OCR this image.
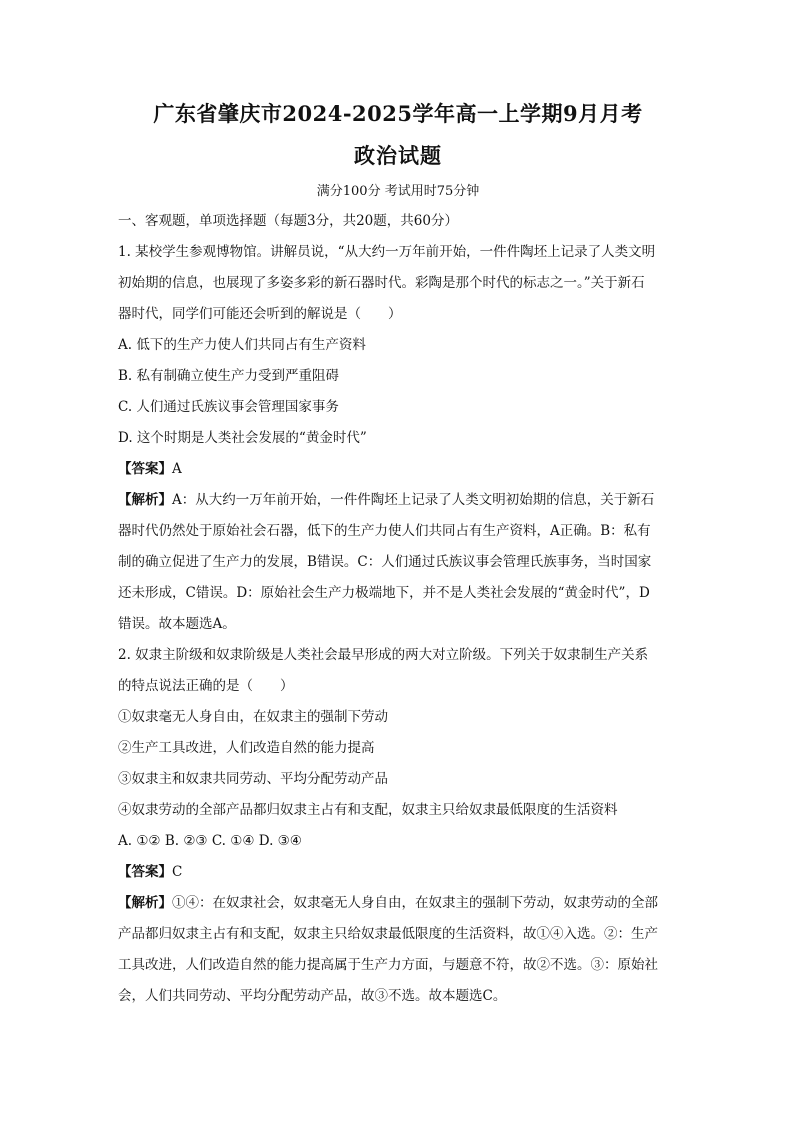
广东省肇庆市2024-2025学年高一上学期9月月考
政治试题

满分100分 考试用时75分钟

一、客观题，单项选择题（每题3分，共20题，共60分）

1. 某校学生参观博物馆。讲解员说，“从大约一万年前开始，一件件陶坯上记录了人类文明

初始期的信息，也展现了多姿多彩的新石器时代。彩陶是那个时代的标志之一。”关于新石

器时代，同学们可能还会听到的解说是（　　）

A. 低下的生产力使人们共同占有生产资料

B. 私有制确立使生产力受到严重阻碍

C. 人们通过氏族议事会管理国家事务

D. 这个时期是人类社会发展的“黄金时代”

【答案】A

【解析】A：从大约一万年前开始，一件件陶坯上记录了人类文明初始期的信息，关于新石

器时代仍然处于原始社会石器，低下的生产力使人们共同占有生产资料，A正确。B：私有

制的确立促进了生产力的发展，B错误。C：人们通过氏族议事会管理氏族事务，当时国家

还未形成，C错误。D：原始社会生产力极端地下，并不是人类社会发展的“黄金时代”，D

错误。故本题选A。

2. 奴隶主阶级和奴隶阶级是人类社会最早形成的两大对立阶级。下列关于奴隶制生产关系

的特点说法正确的是（　　）

①奴隶毫无人身自由，在奴隶主的强制下劳动

②生产工具改进，人们改造自然的能力提高

③奴隶主和奴隶共同劳动、平均分配劳动产品

④奴隶劳动的全部产品都归奴隶主占有和支配，奴隶主只给奴隶最低限度的生活资料

A. ①② B. ②③ C. ①④ D. ③④

【答案】C

【解析】①④：在奴隶社会，奴隶毫无人身自由，在奴隶主的强制下劳动，奴隶劳动的全部

产品都归奴隶主占有和支配，奴隶主只给奴隶最低限度的生活资料，故①④入选。②：生产

工具改进，人们改造自然的能力提高属于生产力方面，与题意不符，故②不选。③：原始社

会，人们共同劳动、平均分配劳动产品，故③不选。故本题选C。
